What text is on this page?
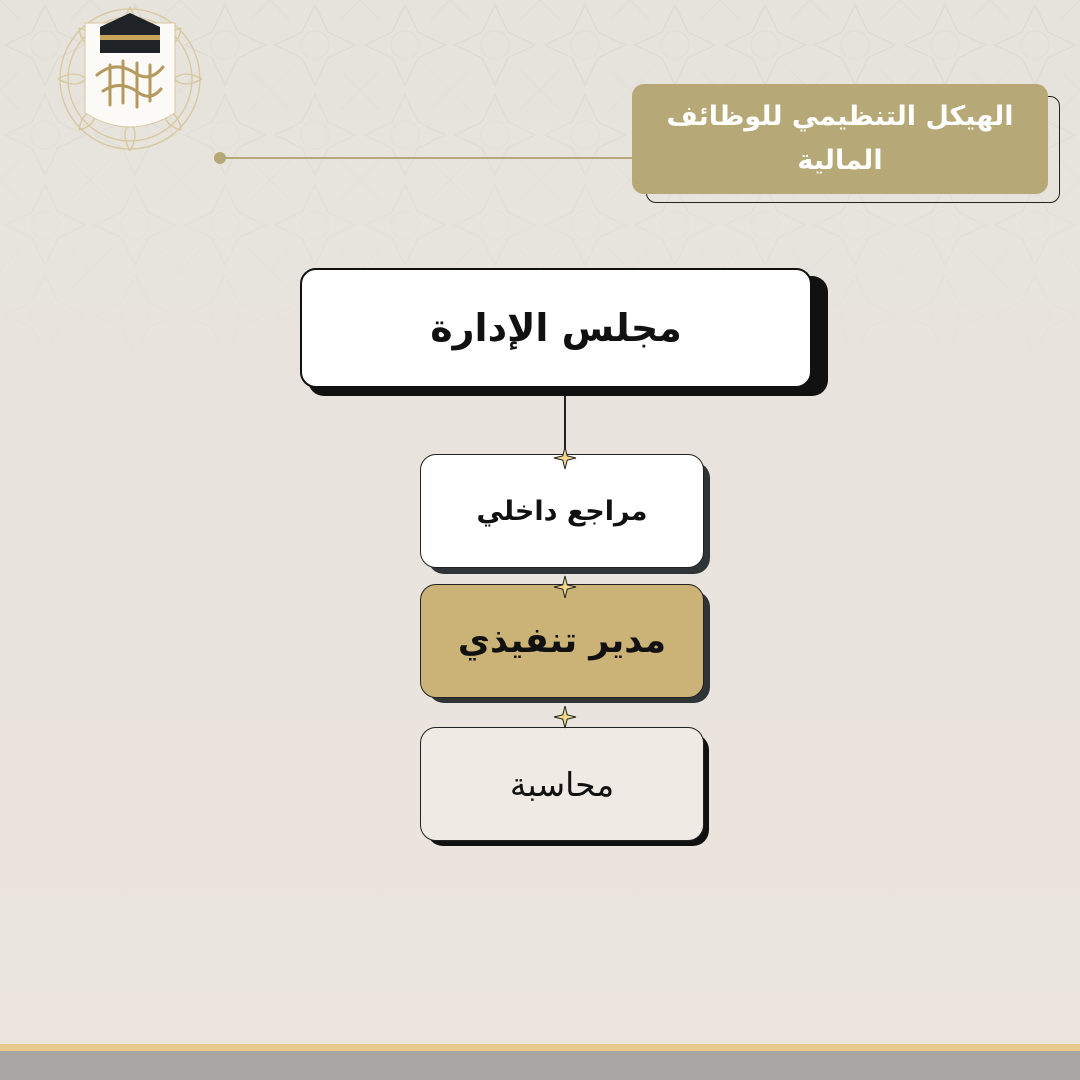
الهيكل التنظيمي للوظائف المالية
مجلس الإدارة
مراجع داخلي
مدير تنفيذي
محاسبة
